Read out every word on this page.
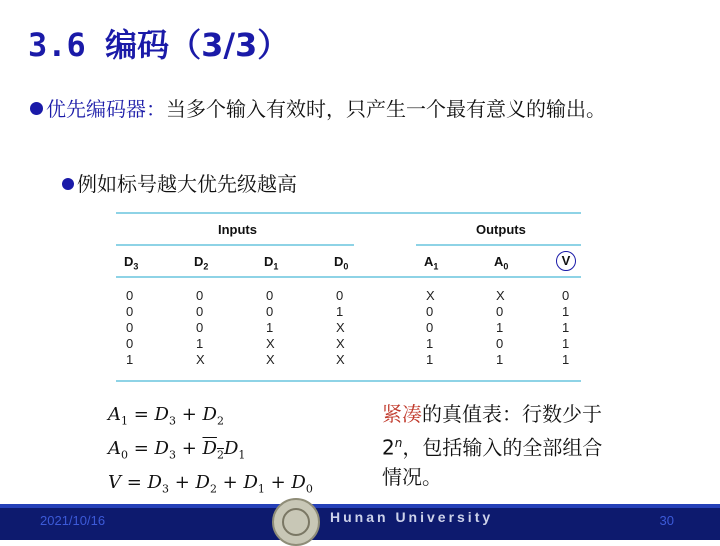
3.6 编码（3/3）
优先编码器：当多个输入有效时，只产生一个最有意义的输出。
例如标号越大优先级越高
Inputs	Outputs
$D_3$	$D_2$	$D_1$	$D_0$	$A_1$	$A_0$	V
0	0	0	0	X	X	0
0	0	0	1	0	0	1
0	0	1	X	0	1	1
0	1	X	X	1	0	1
1	X	X	X	1	1	1
$A_1 = D_3 + D_2$
$A_0 = D_3 + D_2D_1$
$V = D_3 + D_2 + D_1 + D_0$
紧凑的真值表：行数少于2$^n$，包括输入的全部组合情况。
2021/10/16	Hunan University	30
